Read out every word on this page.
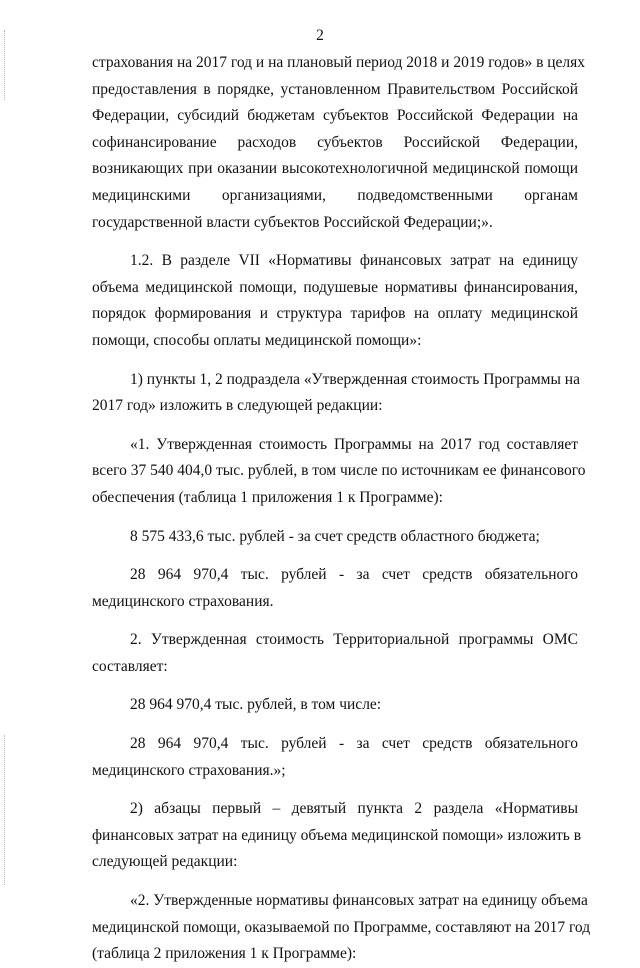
2
страхования на 2017 год и на плановый период 2018 и 2019 годов» в целях
предоставления в порядке, установленном Правительством Российской
Федерации, субсидий бюджетам субъектов Российской Федерации на
софинансирование расходов субъектов Российской Федерации,
возникающих при оказании высокотехнологичной медицинской помощи
медицинскими организациями, подведомственными органам
государственной власти субъектов Российской Федерации;».
1.2. В разделе VII «Нормативы финансовых затрат на единицу
объема медицинской помощи, подушевые нормативы финансирования,
порядок формирования и структура тарифов на оплату медицинской
помощи, способы оплаты медицинской помощи»:
1) пункты 1, 2 подраздела «Утвержденная стоимость Программы на
2017 год» изложить в следующей редакции:
«1. Утвержденная стоимость Программы на 2017 год составляет
всего 37 540 404,0 тыс. рублей, в том числе по источникам ее финансового
обеспечения (таблица 1 приложения 1 к Программе):
8 575 433,6 тыс. рублей - за счет средств областного бюджета;
28 964 970,4 тыс. рублей - за счет средств обязательного
медицинского страхования.
2. Утвержденная стоимость Территориальной программы ОМС
составляет:
28 964 970,4 тыс. рублей, в том числе:
28 964 970,4 тыс. рублей - за счет средств обязательного
медицинского страхования.»;
2) абзацы первый – девятый пункта 2 раздела «Нормативы
финансовых затрат на единицу объема медицинской помощи» изложить в
следующей редакции:
«2. Утвержденные нормативы финансовых затрат на единицу объема
медицинской помощи, оказываемой по Программе, составляют на 2017 год
(таблица 2 приложения 1 к Программе):
